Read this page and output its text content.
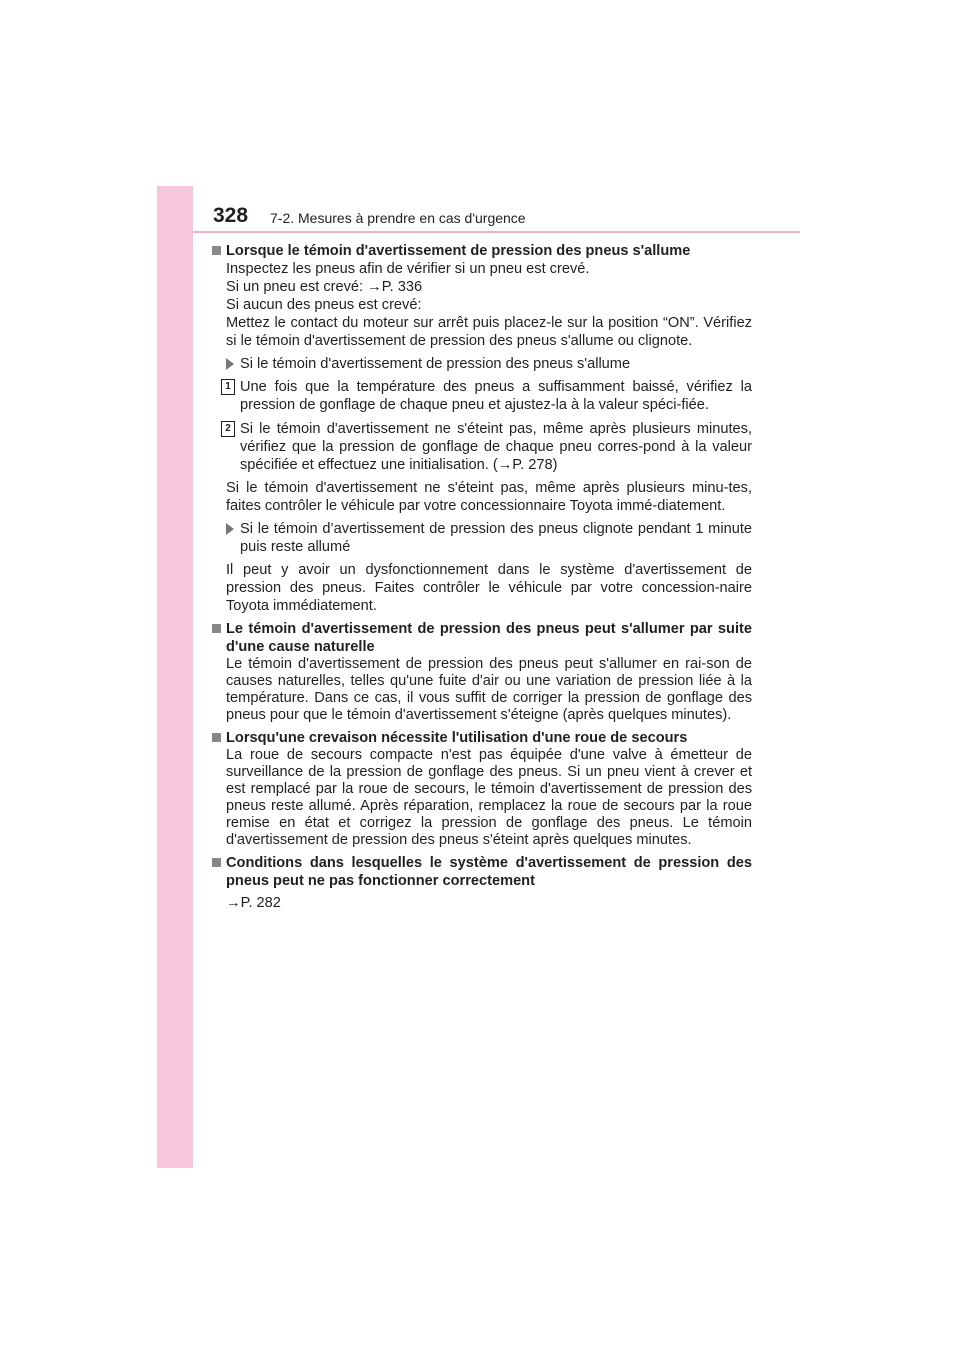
328 7-2. Mesures à prendre en cas d'urgence
Lorsque le témoin d'avertissement de pression des pneus s'allume
Inspectez les pneus afin de vérifier si un pneu est crevé.
Si un pneu est crevé: →P. 336
Si aucun des pneus est crevé:
Mettez le contact du moteur sur arrêt puis placez-le sur la position “ON”. Vérifiez si le témoin d'avertissement de pression des pneus s'allume ou clignote.
Si le témoin d'avertissement de pression des pneus s'allume
1 Une fois que la température des pneus a suffisamment baissé, vérifiez la pression de gonflage de chaque pneu et ajustez-la à la valeur spéci-fiée.
2 Si le témoin d'avertissement ne s'éteint pas, même après plusieurs minutes, vérifiez que la pression de gonflage de chaque pneu corres-pond à la valeur spécifiée et effectuez une initialisation. (→P. 278)
Si le témoin d'avertissement ne s'éteint pas, même après plusieurs minu-tes, faites contrôler le véhicule par votre concessionnaire Toyota immé-diatement.
Si le témoin d’avertissement de pression des pneus clignote pendant 1 minute puis reste allumé
Il peut y avoir un dysfonctionnement dans le système d'avertissement de pression des pneus. Faites contrôler le véhicule par votre concession-naire Toyota immédiatement.
Le témoin d'avertissement de pression des pneus peut s'allumer par suite d'une cause naturelle
Le témoin d'avertissement de pression des pneus peut s'allumer en rai-son de causes naturelles, telles qu'une fuite d'air ou une variation de pression liée à la température. Dans ce cas, il vous suffit de corriger la pression de gonflage des pneus pour que le témoin d'avertissement s'éteigne (après quelques minutes).
Lorsqu'une crevaison nécessite l'utilisation d'une roue de secours
La roue de secours compacte n'est pas équipée d'une valve à émetteur de surveillance de la pression de gonflage des pneus. Si un pneu vient à crever et est remplacé par la roue de secours, le témoin d'avertissement de pression des pneus reste allumé. Après réparation, remplacez la roue de secours par la roue remise en état et corrigez la pression de gonflage des pneus. Le témoin d'avertissement de pression des pneus s'éteint après quelques minutes.
Conditions dans lesquelles le système d'avertissement de pression des pneus peut ne pas fonctionner correctement
→P. 282
